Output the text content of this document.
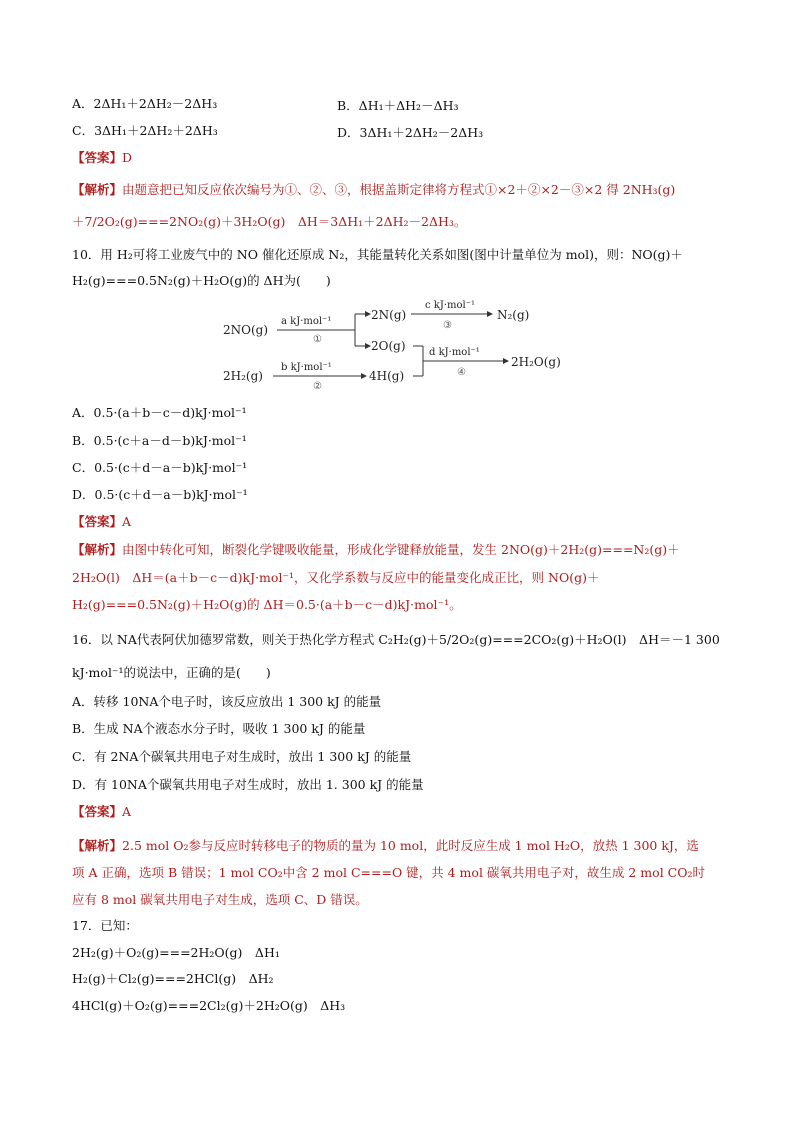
A．2ΔH₁＋2ΔH₂－2ΔH₃	B．ΔH₁＋ΔH₂－ΔH₃
C．3ΔH₁＋2ΔH₂＋2ΔH₃	D．3ΔH₁＋2ΔH₂－2ΔH₃
【答案】D
【解析】由题意把已知反应依次编号为①、②、③，根据盖斯定律将方程式①×2＋②×2－③×2 得 2NH₃(g)
＋7/2O₂(g)===2NO₂(g)＋3H₂O(g)　ΔH＝3ΔH₁＋2ΔH₂－2ΔH₃。
10．用 H₂可将工业废气中的 NO 催化还原成 N₂，其能量转化关系如图(图中计量单位为 mol)，则：NO(g)＋
H₂(g)===0.5N₂(g)＋H₂O(g)的 ΔH为(　　)
2NO(g)
a kJ·mol⁻¹
①
2N(g)
c kJ·mol⁻¹
③
N₂(g)
2O(g)
2H₂(g)
b kJ·mol⁻¹
②
4H(g)
d kJ·mol⁻¹
④
2H₂O(g)
A．0.5·(a＋b－c－d)kJ·mol⁻¹
B．0.5·(c＋a－d－b)kJ·mol⁻¹
C．0.5·(c＋d－a－b)kJ·mol⁻¹
D．0.5·(c＋d－a－b)kJ·mol⁻¹
【答案】A
【解析】由图中转化可知，断裂化学键吸收能量，形成化学键释放能量，发生 2NO(g)＋2H₂(g)===N₂(g)＋
2H₂O(l)　ΔH＝(a＋b－c－d)kJ·mol⁻¹，又化学系数与反应中的能量变化成正比，则 NO(g)＋
H₂(g)===0.5N₂(g)＋H₂O(g)的 ΔH＝0.5·(a＋b－c－d)kJ·mol⁻¹。
16．以 NA代表阿伏加德罗常数，则关于热化学方程式 C₂H₂(g)＋5/2O₂(g)===2CO₂(g)＋H₂O(l)　ΔH＝－1 300
kJ·mol⁻¹的说法中，正确的是(　　)
A．转移 10NA个电子时，该反应放出 1 300 kJ 的能量
B．生成 NA个液态水分子时，吸收 1 300 kJ 的能量
C．有 2NA个碳氧共用电子对生成时，放出 1 300 kJ 的能量
D．有 10NA个碳氧共用电子对生成时，放出 1. 300 kJ 的能量
【答案】A
【解析】2.5 mol O₂参与反应时转移电子的物质的量为 10 mol，此时反应生成 1 mol H₂O，放热 1 300 kJ，选
项 A 正确，选项 B 错误；1 mol CO₂中含 2 mol C===O 键，共 4 mol 碳氧共用电子对，故生成 2 mol CO₂时
应有 8 mol 碳氧共用电子对生成，选项 C、D 错误。
17．已知：
2H₂(g)＋O₂(g)===2H₂O(g)　ΔH₁
H₂(g)＋Cl₂(g)===2HCl(g)　ΔH₂
4HCl(g)＋O₂(g)===2Cl₂(g)＋2H₂O(g)　ΔH₃
